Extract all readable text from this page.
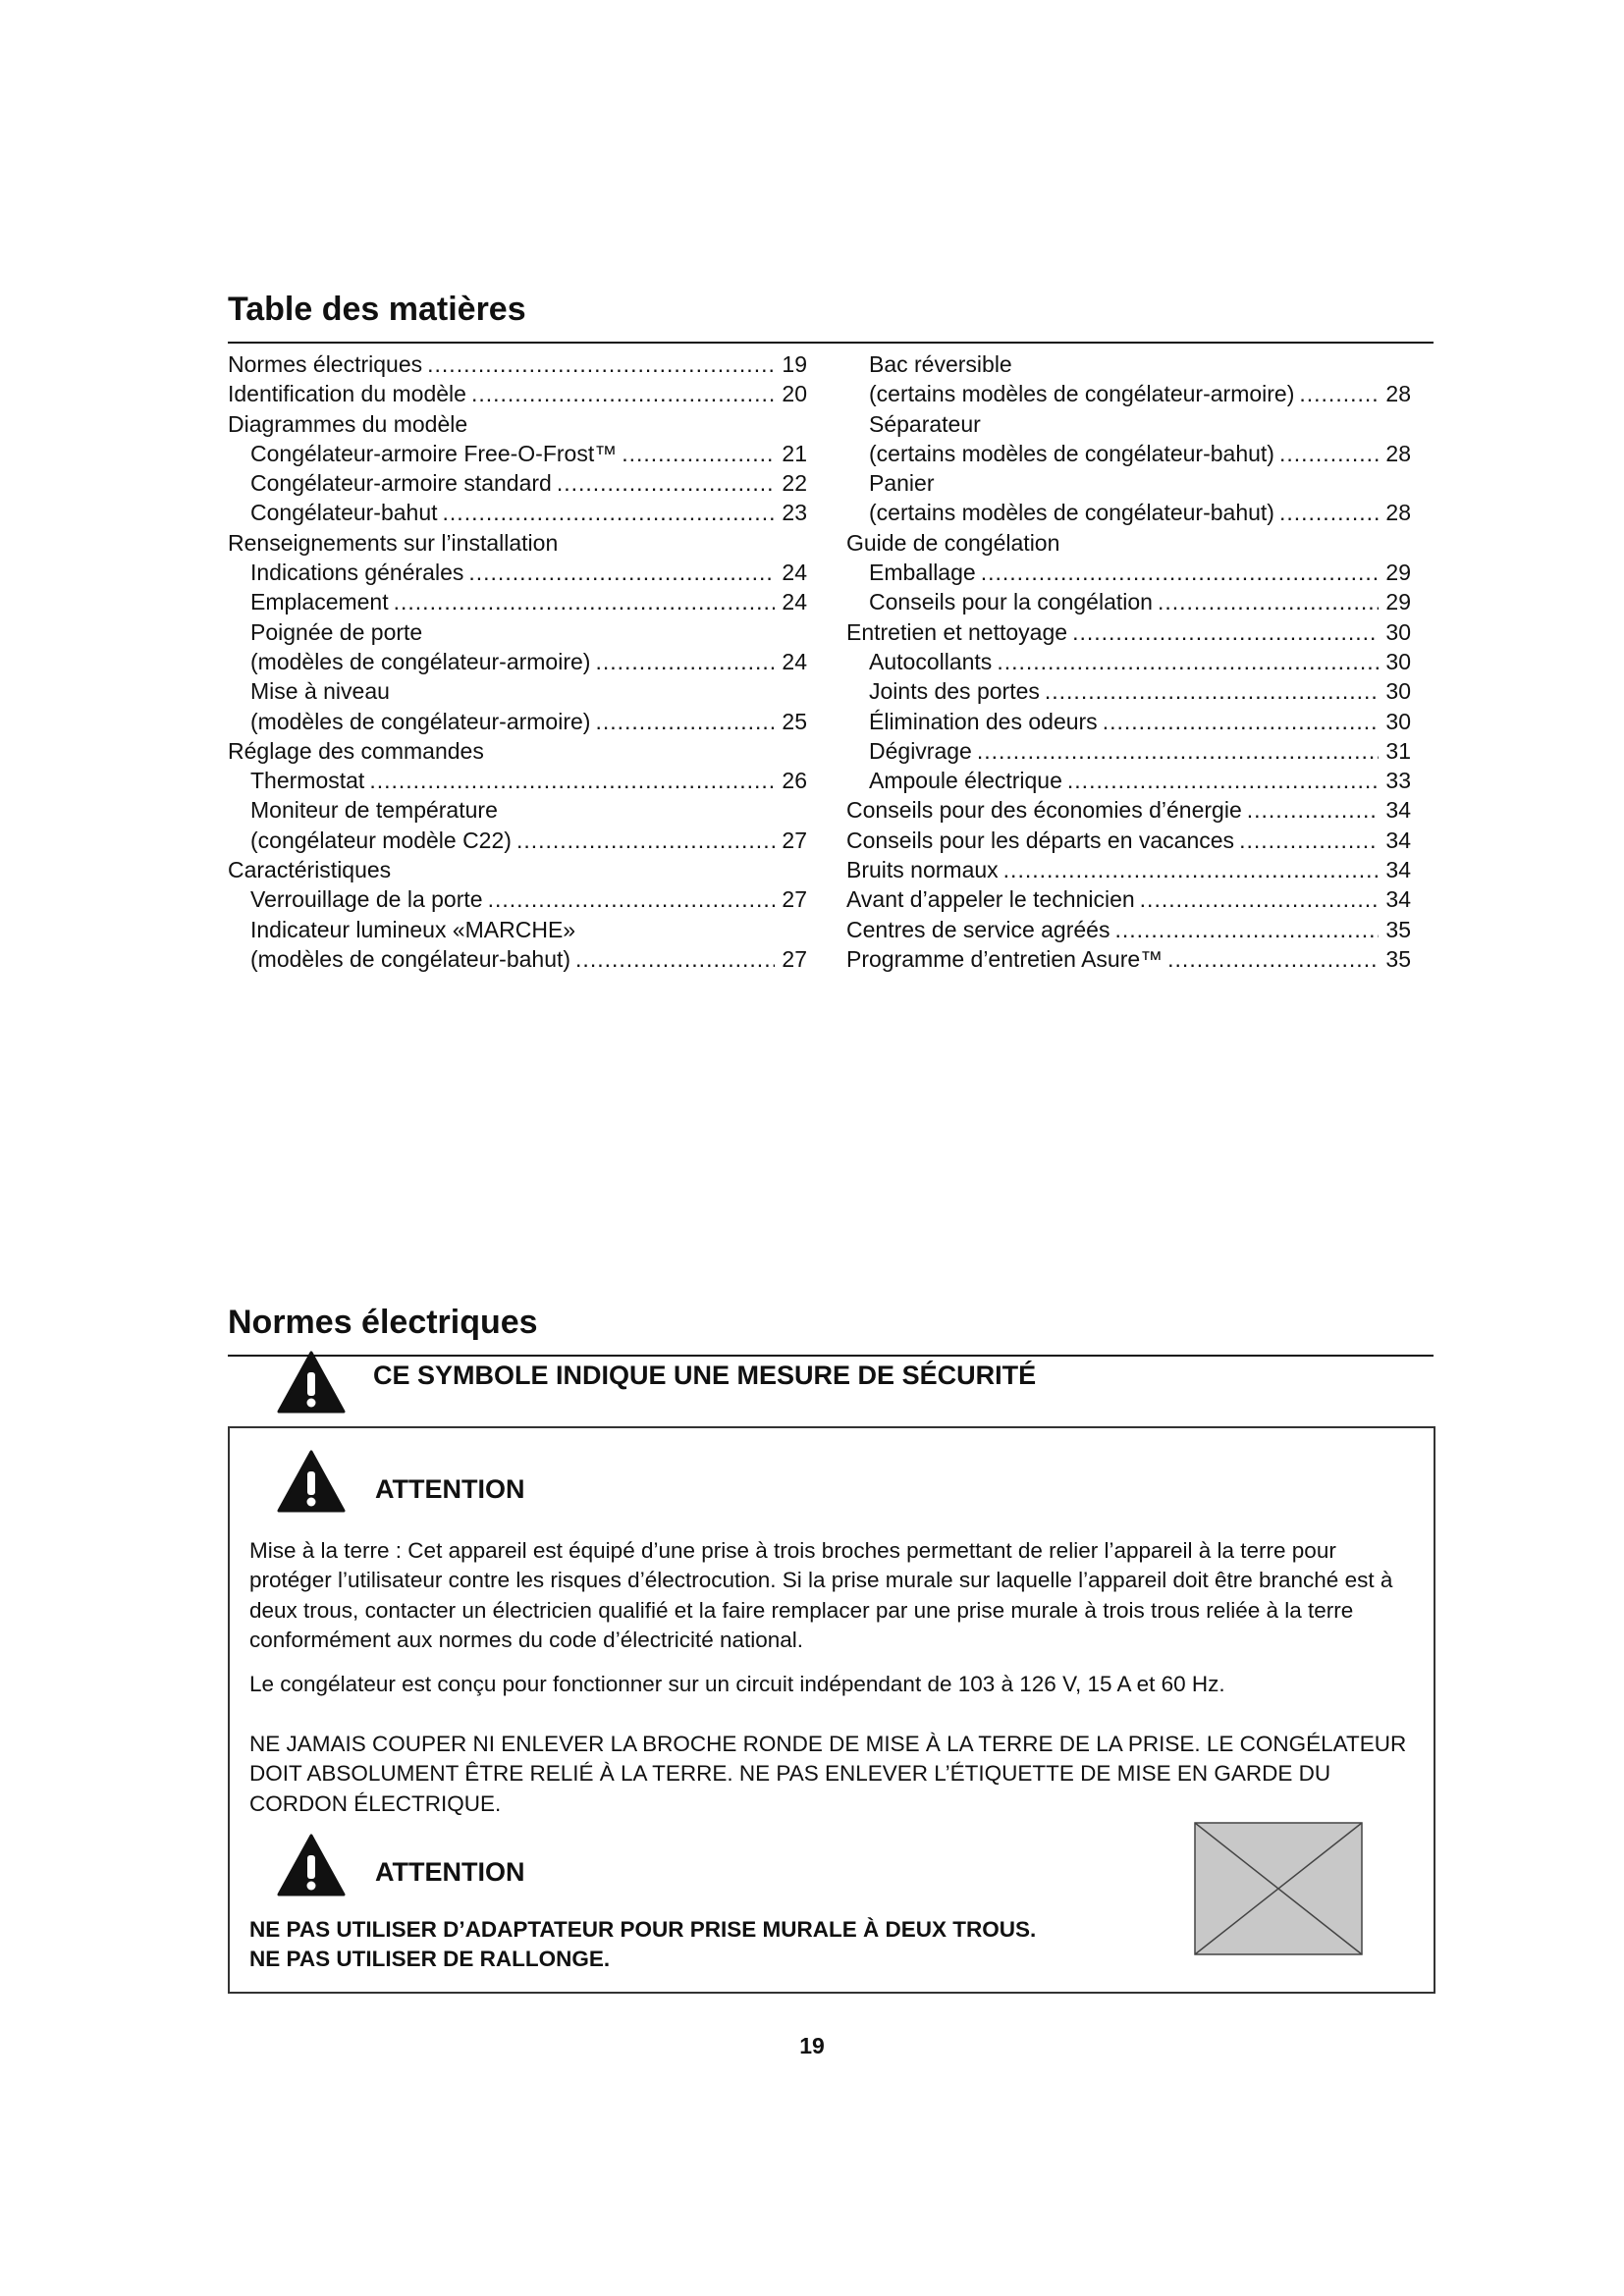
Table des matières
Normes électriques .....	19
Identification du modèle .....	20
Diagrammes du modèle
Congélateur-armoire Free-O-Frost™ .....	21
Congélateur-armoire standard .....	22
Congélateur-bahut .....	23
Renseignements sur l’installation
Indications générales .....	24
Emplacement .....	24
Poignée de porte
(modèles de congélateur-armoire) .....	24
Mise à niveau
(modèles de congélateur-armoire) .....	25
Réglage des commandes
Thermostat .....	26
Moniteur de température
(congélateur modèle C22) .....	27
Caractéristiques
Verrouillage de la porte .....	27
Indicateur lumineux «MARCHE»
(modèles de congélateur-bahut) .....	27
Bac réversible
(certains modèles de congélateur-armoire) .....	28
Séparateur
(certains modèles de congélateur-bahut) .....	28
Panier
(certains modèles de congélateur-bahut) .....	28
Guide de congélation
Emballage .....	29
Conseils pour la congélation .....	29
Entretien et nettoyage .....	30
Autocollants .....	30
Joints des portes .....	30
Élimination des odeurs .....	30
Dégivrage .....	31
Ampoule électrique .....	33
Conseils pour des économies d’énergie .....	34
Conseils pour les départs en vacances .....	34
Bruits normaux .....	34
Avant d’appeler le technicien .....	34
Centres de service agréés .....	35
Programme d’entretien Asure™ .....	35
Normes électriques
CE SYMBOLE INDIQUE UNE MESURE DE SÉCURITÉ
ATTENTION

Mise à la terre : Cet appareil est équipé d’une prise à trois broches permettant de relier l’appareil à la terre pour protéger l’utilisateur contre les risques d’électrocution. Si la prise murale sur laquelle l’appareil doit être branché est à deux trous, contacter un électricien qualifié et la faire remplacer par une prise murale à trois trous reliée à la terre conformément aux normes du code d’électricité national.

Le congélateur est conçu pour fonctionner sur un circuit indépendant de 103 à 126 V, 15 A et 60 Hz.

NE JAMAIS COUPER NI ENLEVER LA BROCHE RONDE DE MISE À LA TERRE DE LA PRISE. LE CONGÉLATEUR DOIT ABSOLUMENT ÊTRE RELIÉ À LA TERRE. NE PAS ENLEVER L’ÉTIQUETTE DE MISE EN GARDE DU CORDON ÉLECTRIQUE.

ATTENTION
NE PAS UTILISER D’ADAPTATEUR POUR PRISE MURALE À DEUX TROUS.
NE PAS UTILISER DE RALLONGE.
19
